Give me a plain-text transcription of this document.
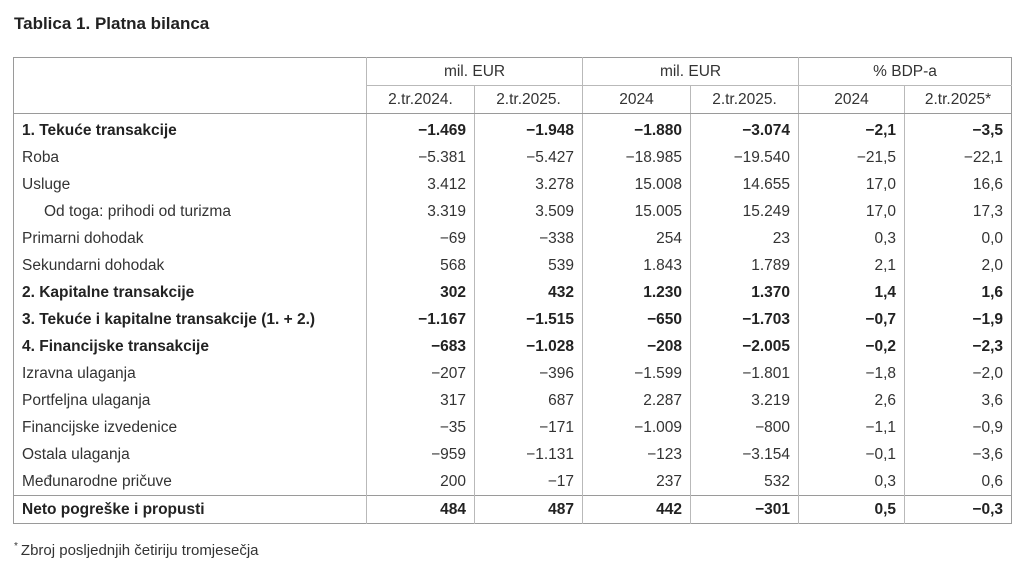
Tablica 1. Platna bilanca
	mil. EUR		mil. EUR		% BDP-a	
	2.tr.2024.	2.tr.2025.	2024	2.tr.2025.	2024	2.tr.2025*
1. Tekuće transakcije	−1.469	−1.948	−1.880	−3.074	−2,1	−3,5
Roba	−5.381	−5.427	−18.985	−19.540	−21,5	−22,1
Usluge	3.412	3.278	15.008	14.655	17,0	16,6
Od toga: prihodi od turizma	3.319	3.509	15.005	15.249	17,0	17,3
Primarni dohodak	−69	−338	254	23	0,3	0,0
Sekundarni dohodak	568	539	1.843	1.789	2,1	2,0
2. Kapitalne transakcije	302	432	1.230	1.370	1,4	1,6
3. Tekuće i kapitalne transakcije (1. + 2.)	−1.167	−1.515	−650	−1.703	−0,7	−1,9
4. Financijske transakcije	−683	−1.028	−208	−2.005	−0,2	−2,3
Izravna ulaganja	−207	−396	−1.599	−1.801	−1,8	−2,0
Portfeljna ulaganja	317	687	2.287	3.219	2,6	3,6
Financijske izvedenice	−35	−171	−1.009	−800	−1,1	−0,9
Ostala ulaganja	−959	−1.131	−123	−3.154	−0,1	−3,6
Međunarodne pričuve	200	−17	237	532	0,3	0,6
Neto pogreške i propusti	484	487	442	−301	0,5	−0,3
* Zbroj posljednjih četiriju tromjesečja
